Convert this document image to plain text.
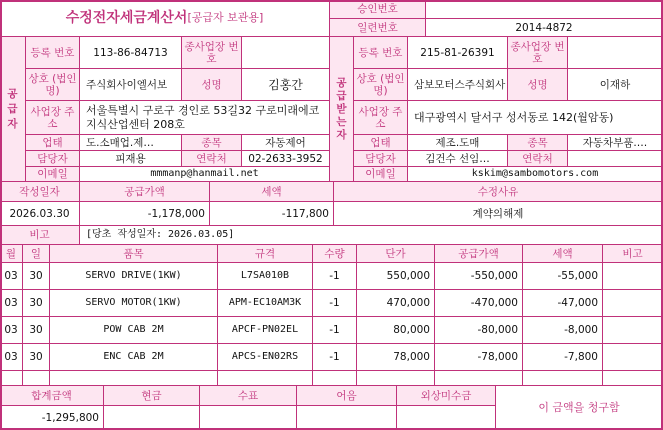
수정전자세금계산서 [공급자 보관용]
승인번호
일련번호	2014-4872
공
급
자
등록 번호	113-86-84713	종사업장 번호
상호 (법인명)	주식회사이엘서보	성명	김홍간
사업장 주소
서울특별시 구로구 경인로 53길32 구로미래에코지식산업센터 208호
업태	도.소매업.제…	종목	자동제어
담당자	피재용	연락처	02-2633-3952
이메일	mmmanp@hanmail.net
공
급
받
는
자
등록 번호	215-81-26391	종사업장 번호
상호 (법인명)	삼보모터스주식회사	성명	이재하
사업장 주소	대구광역시 달서구 성서동로 142(월암동)
업태	제조.도매	종목	자동차부품.…
담당자	김건수 선임…	연락처
이메일	kskim@sambomotors.com
작성일자	공급가액	세액	수정사유
2026.03.30	-1,178,000	-117,800	계약의해제
비고	[당초 작성일자: 2026.03.05]
월	일	품목	규격	수량	단가	공급가액	세액	비고
03	30	SERVO DRIVE(1KW)	L7SA010B	-1	550,000	-550,000	-55,000
03	30	SERVO MOTOR(1KW)	APM-EC10AM3K	-1	470,000	-470,000	-47,000
03	30	POW CAB 2M	APCF-PN02EL	-1	80,000	-80,000	-8,000
03	30	ENC CAB 2M	APCS-EN02RS	-1	78,000	-78,000	-7,800
합계금액	현금	수표	어음	외상미수금
-1,295,800
이 금액을 청구함
